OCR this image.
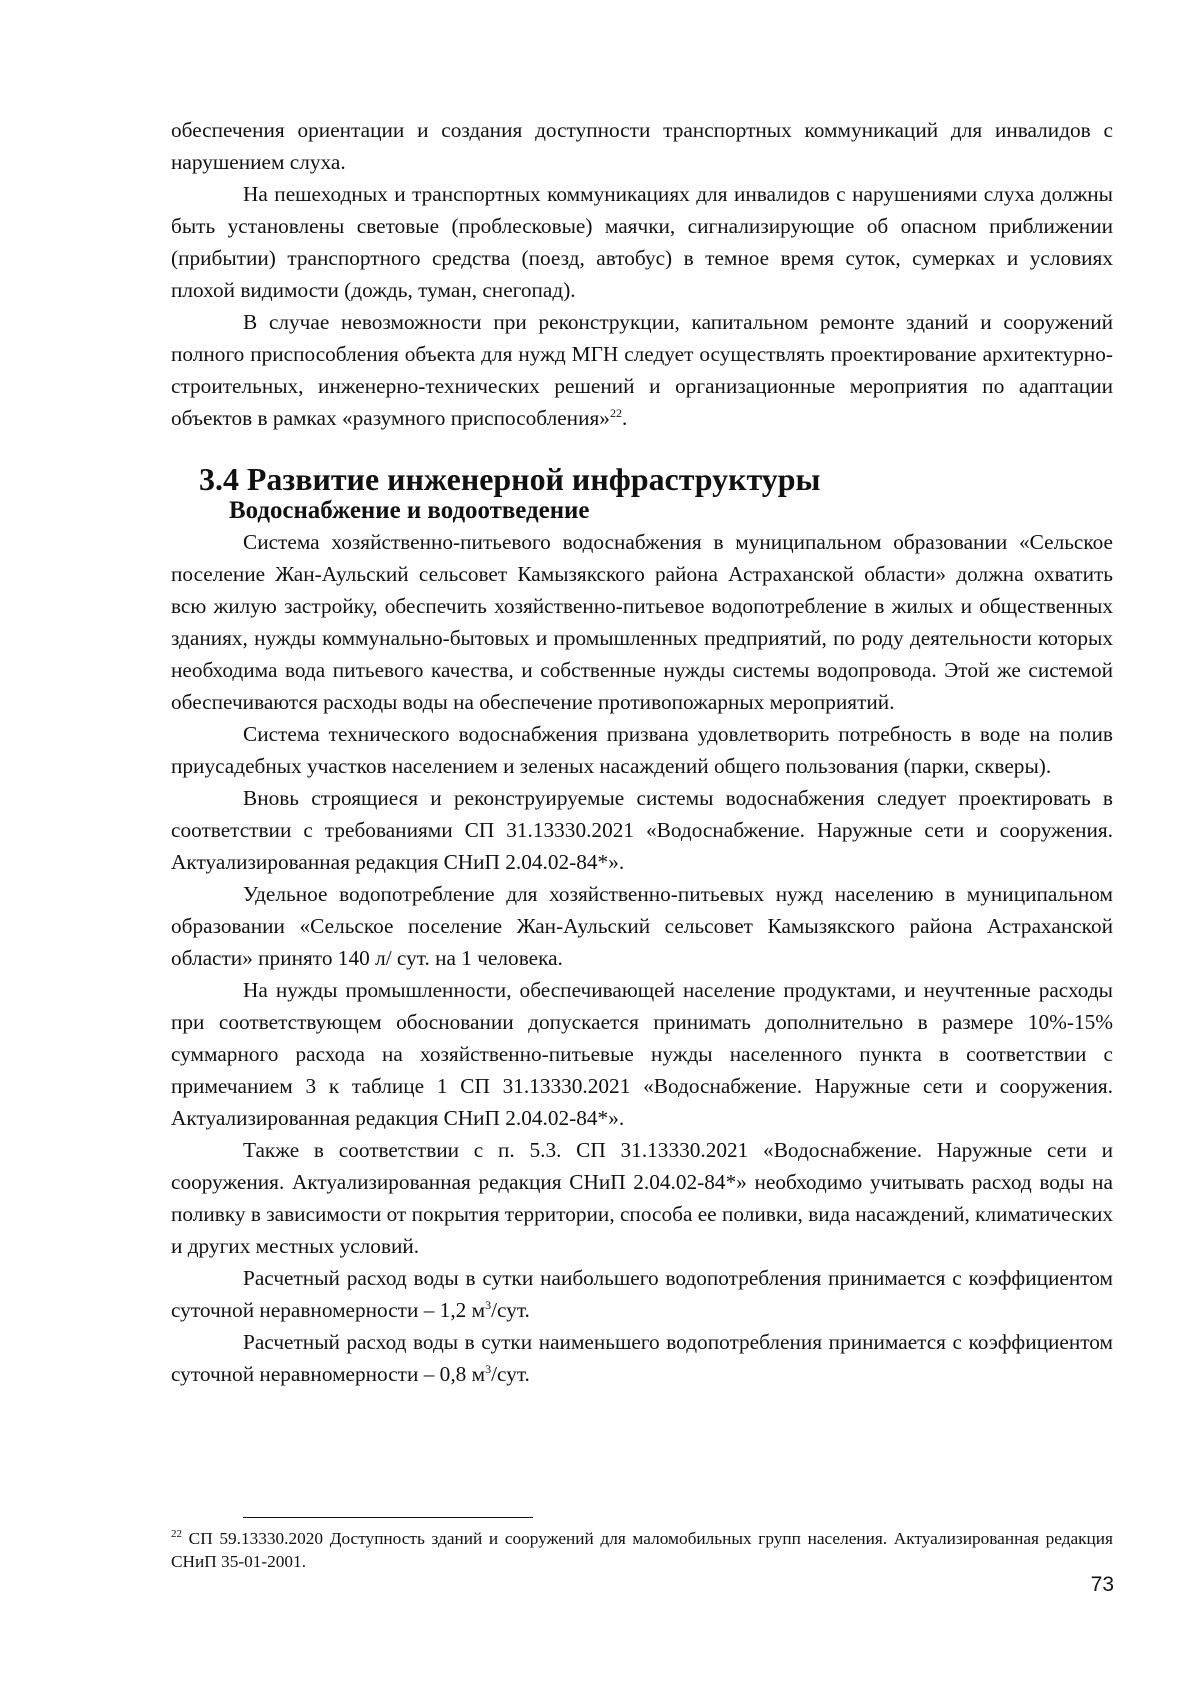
обеспечения ориентации и создания доступности транспортных коммуникаций для инвалидов с нарушением слуха.

На пешеходных и транспортных коммуникациях для инвалидов с нарушениями слуха должны быть установлены световые (проблесковые) маячки, сигнализирующие об опасном приближении (прибытии) транспортного средства (поезд, автобус) в темное время суток, сумерках и условиях плохой видимости (дождь, туман, снегопад).

В случае невозможности при реконструкции, капитальном ремонте зданий и сооружений полного приспособления объекта для нужд МГН следует осуществлять проектирование архитектурно-строительных, инженерно-технических решений и организационные мероприятия по адаптации объектов в рамках «разумного приспособления»$^{22}$.

3.4 Развитие инженерной инфраструктуры
Водоснабжение и водоотведение

Система хозяйственно-питьевого водоснабжения в муниципальном образовании «Сельское поселение Жан-Аульский сельсовет Камызякского района Астраханской области» должна охватить всю жилую застройку, обеспечить хозяйственно-питьевое водопотребление в жилых и общественных зданиях, нужды коммунально-бытовых и промышленных предприятий, по роду деятельности которых необходима вода питьевого качества, и собственные нужды системы водопровода. Этой же системой обеспечиваются расходы воды на обеспечение противопожарных мероприятий.

Система технического водоснабжения призвана удовлетворить потребность в воде на полив приусадебных участков населением и зеленых насаждений общего пользования (парки, скверы).

Вновь строящиеся и реконструируемые системы водоснабжения следует проектировать в соответствии с требованиями СП 31.13330.2021 «Водоснабжение. Наружные сети и сооружения. Актуализированная редакция СНиП 2.04.02-84*».

Удельное водопотребление для хозяйственно-питьевых нужд населению в муниципальном образовании «Сельское поселение Жан-Аульский сельсовет Камызякского района Астраханской области» принято 140 л/ сут. на 1 человека.

На нужды промышленности, обеспечивающей население продуктами, и неучтенные расходы при соответствующем обосновании допускается принимать дополнительно в размере 10%-15% суммарного расхода на хозяйственно-питьевые нужды населенного пункта в соответствии с примечанием 3 к таблице 1 СП 31.13330.2021 «Водоснабжение. Наружные сети и сооружения. Актуализированная редакция СНиП 2.04.02-84*».

Также в соответствии с п. 5.3. СП 31.13330.2021 «Водоснабжение. Наружные сети и сооружения. Актуализированная редакция СНиП 2.04.02-84*» необходимо учитывать расход воды на поливку в зависимости от покрытия территории, способа ее поливки, вида насаждений, климатических и других местных условий.

Расчетный расход воды в сутки наибольшего водопотребления принимается с коэффициентом суточной неравномерности – 1,2 $м^3$/сут.

Расчетный расход воды в сутки наименьшего водопотребления принимается с коэффициентом суточной неравномерности – 0,8 $м^3$/сут.

$^{22}$ СП 59.13330.2020 Доступность зданий и сооружений для маломобильных групп населения. Актуализированная редакция СНиП 35-01-2001.

73
